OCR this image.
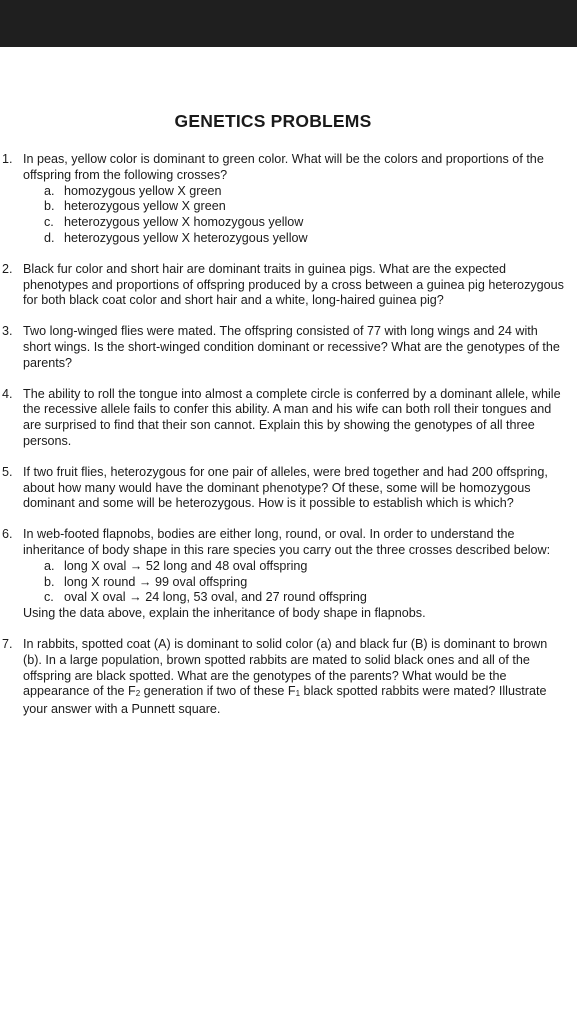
GENETICS PROBLEMS
1. In peas, yellow color is dominant to green color. What will be the colors and proportions of the offspring from the following crosses?
a. homozygous yellow X green
b. heterozygous yellow X green
c. heterozygous yellow X homozygous yellow
d. heterozygous yellow X heterozygous yellow
2. Black fur color and short hair are dominant traits in guinea pigs. What are the expected phenotypes and proportions of offspring produced by a cross between a guinea pig heterozygous for both black coat color and short hair and a white, long-haired guinea pig?
3. Two long-winged flies were mated. The offspring consisted of 77 with long wings and 24 with short wings. Is the short-winged condition dominant or recessive? What are the genotypes of the parents?
4. The ability to roll the tongue into almost a complete circle is conferred by a dominant allele, while the recessive allele fails to confer this ability. A man and his wife can both roll their tongues and are surprised to find that their son cannot. Explain this by showing the genotypes of all three persons.
5. If two fruit flies, heterozygous for one pair of alleles, were bred together and had 200 offspring, about how many would have the dominant phenotype? Of these, some will be homozygous dominant and some will be heterozygous. How is it possible to establish which is which?
6. In web-footed flapnobs, bodies are either long, round, or oval. In order to understand the inheritance of body shape in this rare species you carry out the three crosses described below:
a. long X oval → 52 long and 48 oval offspring
b. long X round → 99 oval offspring
c. oval X oval → 24 long, 53 oval, and 27 round offspring
Using the data above, explain the inheritance of body shape in flapnobs.
7. In rabbits, spotted coat (A) is dominant to solid color (a) and black fur (B) is dominant to brown (b). In a large population, brown spotted rabbits are mated to solid black ones and all of the offspring are black spotted. What are the genotypes of the parents? What would be the appearance of the $F_2$ generation if two of these $F_1$ black spotted rabbits were mated? Illustrate your answer with a Punnett square.
